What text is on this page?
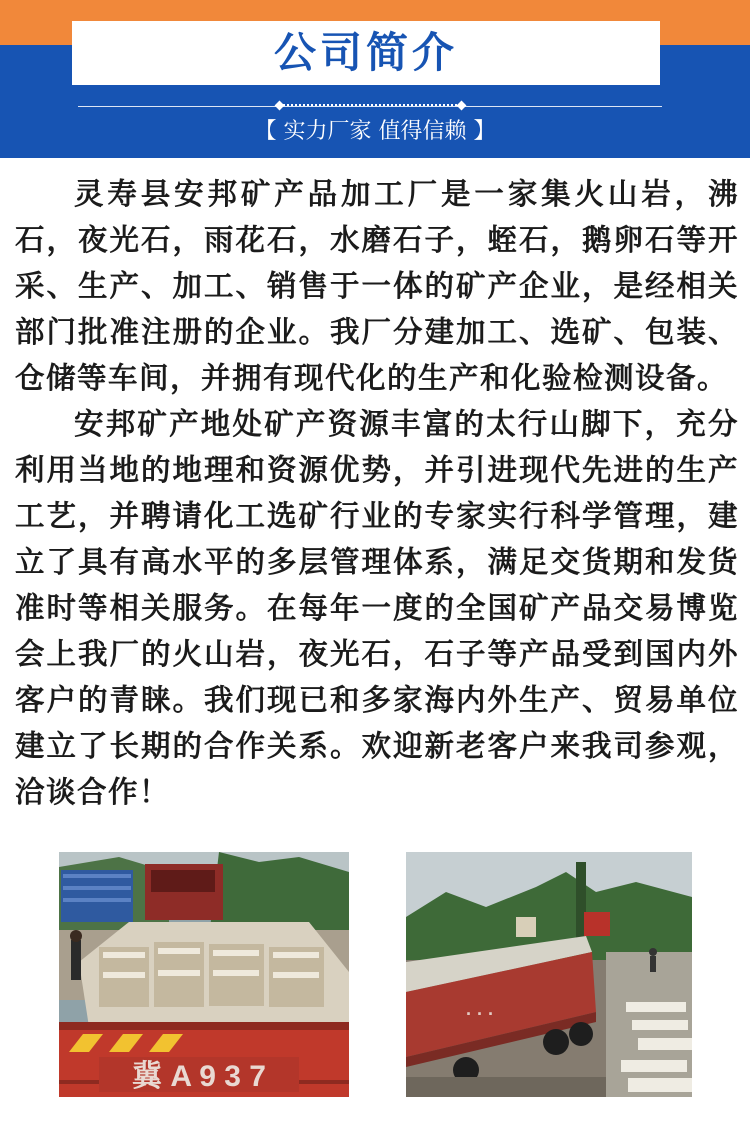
公司简介
【 实力厂家 值得信赖 】

灵寿县安邦矿产品加工厂是一家集火山岩，沸石，夜光石，雨花石，水磨石子，蛭石，鹅卵石等开采、生产、加工、销售于一体的矿产企业，是经相关部门批准注册的企业。我厂分建加工、选矿、包装、仓储等车间，并拥有现代化的生产和化验检测设备。

安邦矿产地处矿产资源丰富的太行山脚下，充分利用当地的地理和资源优势，并引进现代先进的生产工艺，并聘请化工选矿行业的专家实行科学管理，建立了具有高水平的多层管理体系，满足交货期和发货准时等相关服务。在每年一度的全国矿产品交易博览会上我厂的火山岩，夜光石，石子等产品受到国内外客户的青睐。我们现已和多家海内外生产、贸易单位建立了长期的合作关系。欢迎新老客户来我司参观，洽谈合作！

冀 A 9 3 7
· · ·
